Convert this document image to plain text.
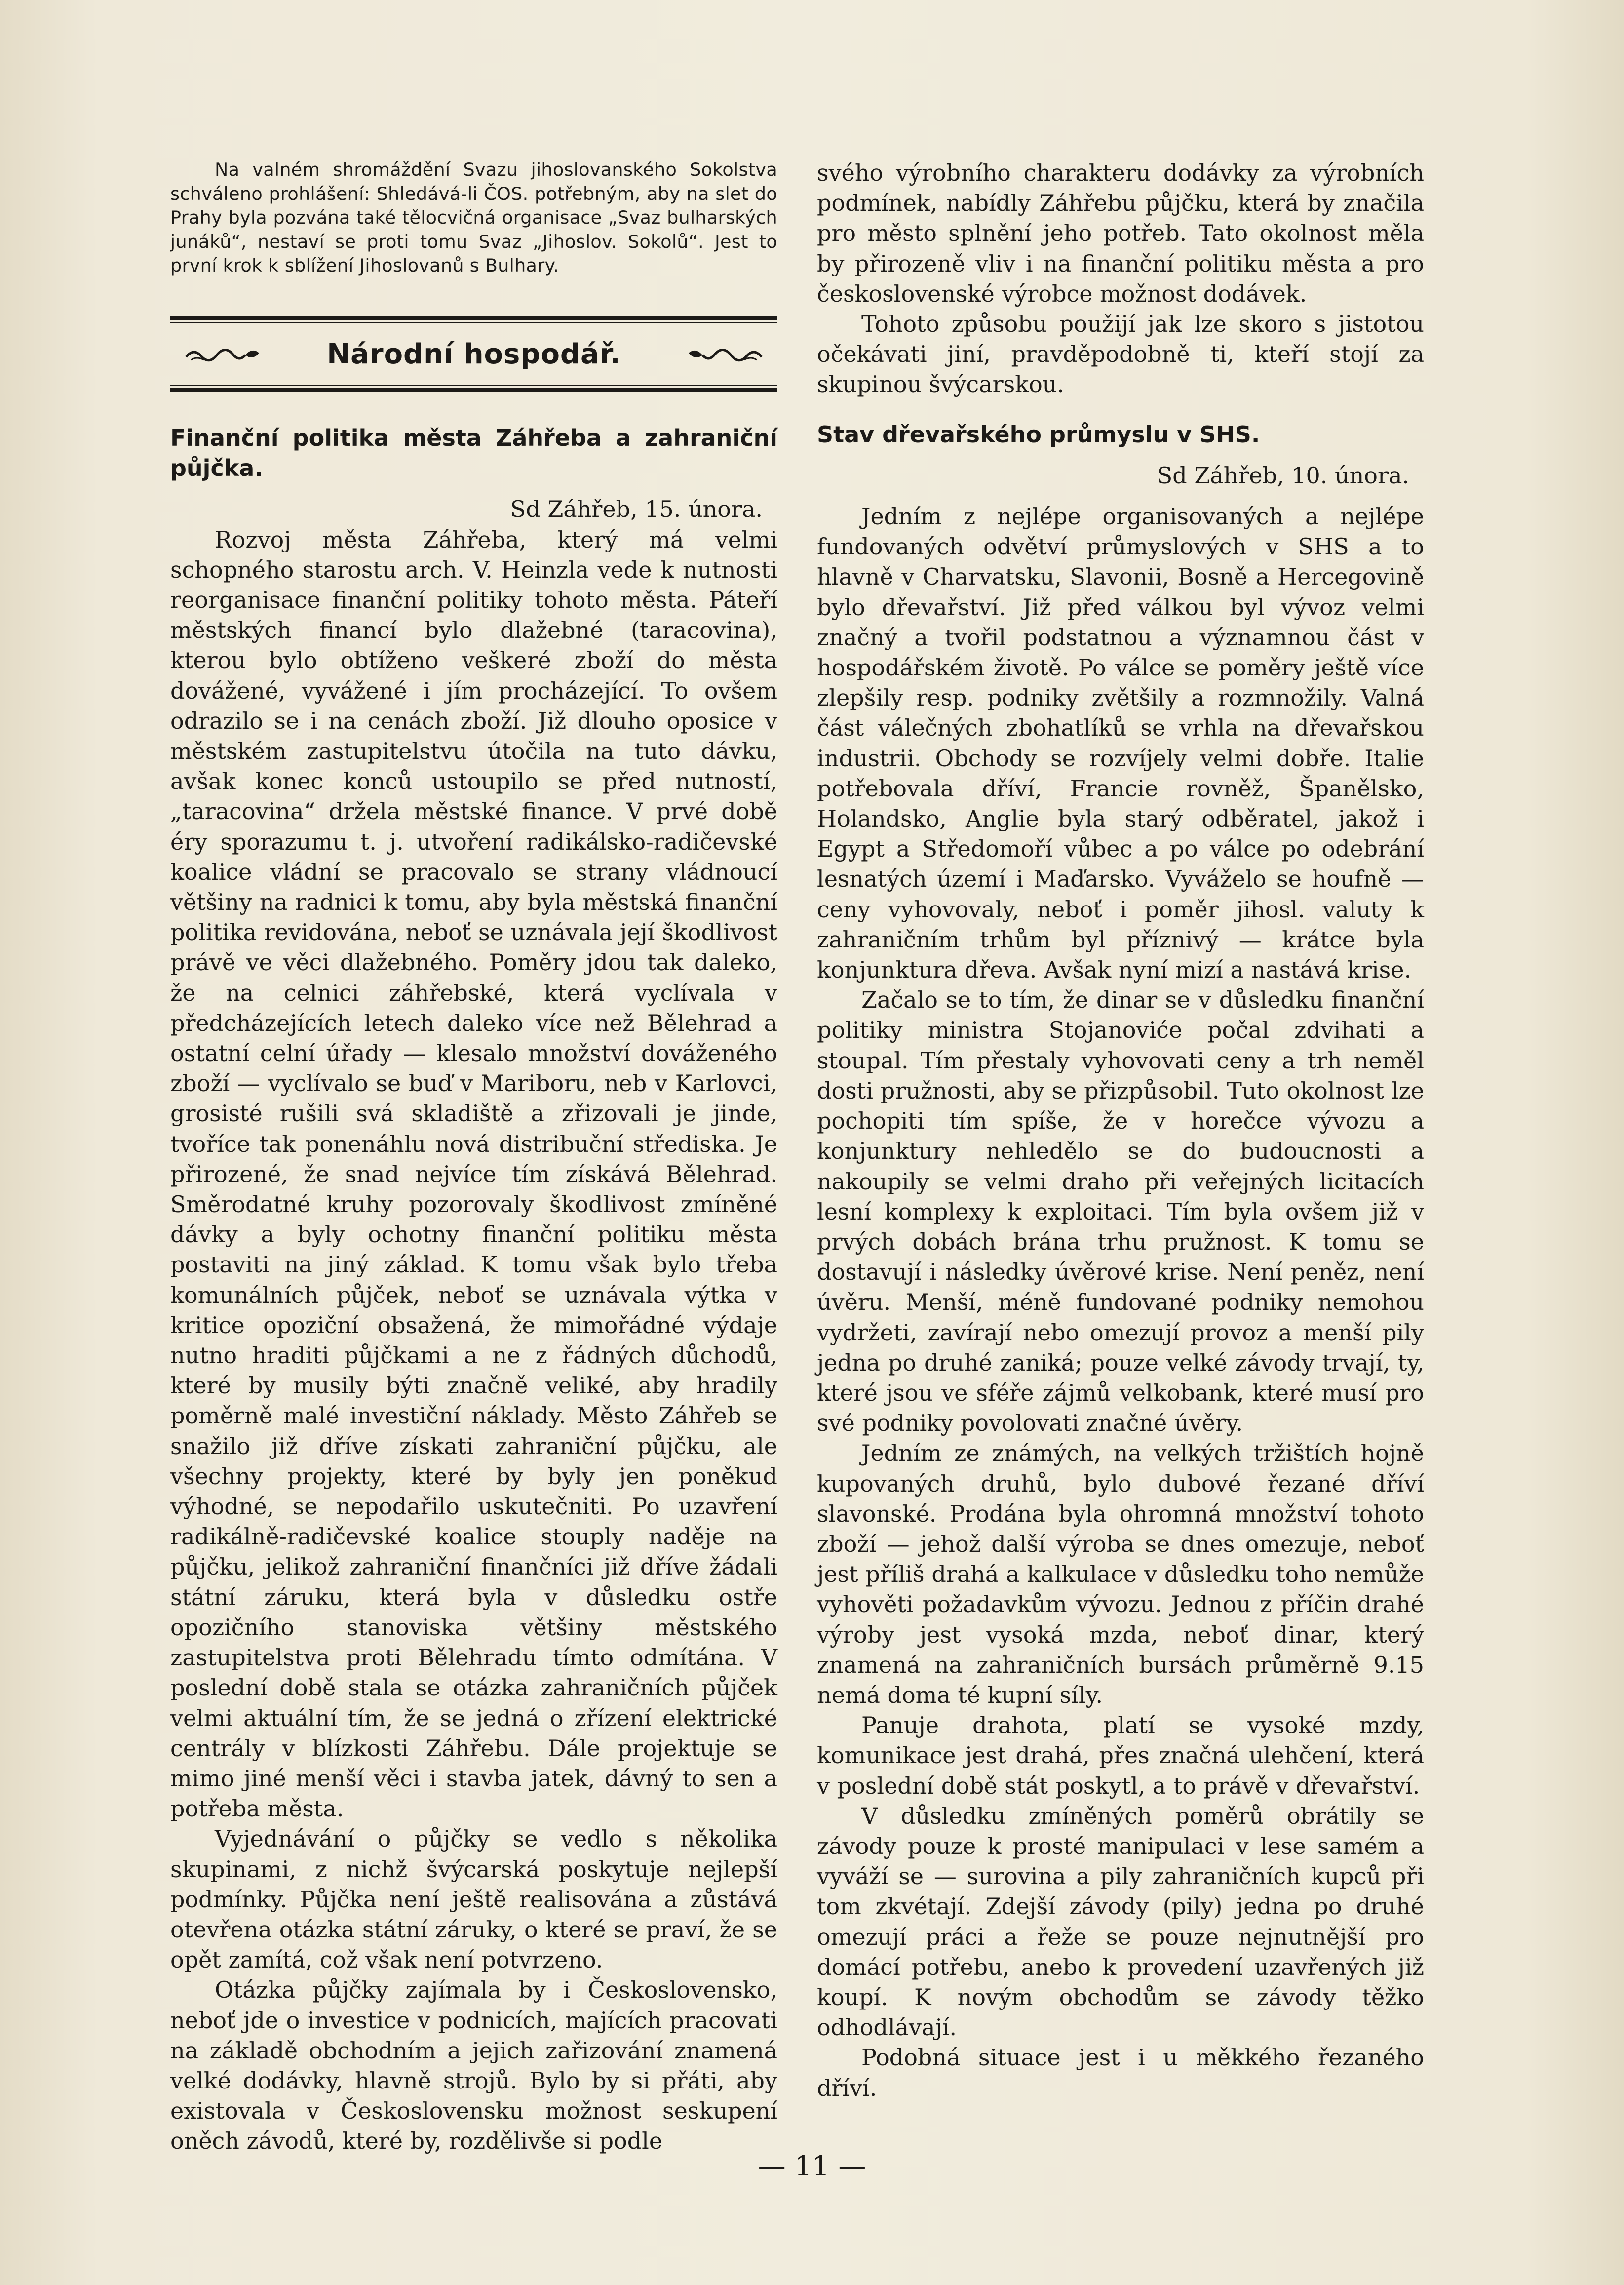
Na valném shromáždění Svazu jihoslovanského Sokolstva schváleno prohlášení: Shledává-li ČOS. potřebným, aby na slet do Prahy byla pozvána také tělocvičná organisace „Svaz bulharských junáků“, nestaví se proti tomu Svaz „Jihoslov. Sokolů“. Jest to první krok k sblížení Jihoslovanů s Bulhary.

Národní hospodář.

Finanční politika města Záhřeba a zahraniční půjčka.

Sd Záhřeb, 15. února.

Rozvoj města Záhřeba, který má velmi schopného starostu arch. V. Heinzla vede k nutnosti reorganisace finanční politiky tohoto města. Páteří městských financí bylo dlažebné (taracovina), kterou bylo obtíženo veškeré zboží do města dovážené, vyvážené i jím procházející. To ovšem odrazilo se i na cenách zboží. Již dlouho oposice v městském zastupitelstvu útočila na tuto dávku, avšak konec konců ustoupilo se před nutností, „taracovina“ držela městské finance. V prvé době éry sporazumu t. j. utvoření radikálsko-radičevské koalice vládní se pracovalo se strany vládnoucí většiny na radnici k tomu, aby byla městská finanční politika revidována, neboť se uznávala její škodlivost právě ve věci dlažebného. Poměry jdou tak daleko, že na celnici záhřebské, která vyclívala v předcházejících letech daleko více než Bělehrad a ostatní celní úřady — klesalo množství dováženého zboží — vyclívalo se buď v Mariboru, neb v Karlovci, grosisté rušili svá skladiště a zřizovali je jinde, tvoříce tak ponenáhlu nová distribuční střediska. Je přirozené, že snad nejvíce tím získává Bělehrad. Směrodatné kruhy pozorovaly škodlivost zmíněné dávky a byly ochotny finanční politiku města postaviti na jiný základ. K tomu však bylo třeba komunálních půjček, neboť se uznávala výtka v kritice opoziční obsažená, že mimořádné výdaje nutno hraditi půjčkami a ne z řádných důchodů, které by musily býti značně veliké, aby hradily poměrně malé investiční náklady. Město Záhřeb se snažilo již dříve získati zahraniční půjčku, ale všechny projekty, které by byly jen poněkud výhodné, se nepodařilo uskutečniti. Po uzavření radikálně-radičevské koalice stouply naděje na půjčku, jelikož zahraniční finančníci již dříve žádali státní záruku, která byla v důsledku ostře opozičního stanoviska většiny městského zastupitelstva proti Bělehradu tímto odmítána. V poslední době stala se otázka zahraničních půjček velmi aktuální tím, že se jedná o zřízení elektrické centrály v blízkosti Záhřebu. Dále projektuje se mimo jiné menší věci i stavba jatek, dávný to sen a potřeba města.

Vyjednávání o půjčky se vedlo s několika skupinami, z nichž švýcarská poskytuje nejlepší podmínky. Půjčka není ještě realisována a zůstává otevřena otázka státní záruky, o které se praví, že se opět zamítá, což však není potvrzeno.

Otázka půjčky zajímala by i Československo, neboť jde o investice v podnicích, majících pracovati na základě obchodním a jejich zařizování znamená velké dodávky, hlavně strojů. Bylo by si přáti, aby existovala v Československu možnost seskupení oněch závodů, které by, rozdělivše si podle

svého výrobního charakteru dodávky za výrobních podmínek, nabídly Záhřebu půjčku, která by značila pro město splnění jeho potřeb. Tato okolnost měla by přirozeně vliv i na finanční politiku města a pro československé výrobce možnost dodávek.

Tohoto způsobu použijí jak lze skoro s jistotou očekávati jiní, pravděpodobně ti, kteří stojí za skupinou švýcarskou.

Stav dřevařského průmyslu v SHS.

Sd Záhřeb, 10. února.

Jedním z nejlépe organisovaných a nejlépe fundovaných odvětví průmyslových v SHS a to hlavně v Charvatsku, Slavonii, Bosně a Hercegovině bylo dřevařství. Již před válkou byl vývoz velmi značný a tvořil podstatnou a významnou část v hospodářském životě. Po válce se poměry ještě více zlepšily resp. podniky zvětšily a rozmnožily. Valná část válečných zbohatlíků se vrhla na dřevařskou industrii. Obchody se rozvíjely velmi dobře. Italie potřebovala dříví, Francie rovněž, Španělsko, Holandsko, Anglie byla starý odběratel, jakož i Egypt a Středomoří vůbec a po válce po odebrání lesnatých území i Maďarsko. Vyváželo se houfně — ceny vyhovovaly, neboť i poměr jihosl. valuty k zahraničním trhům byl příznivý — krátce byla konjunktura dřeva. Avšak nyní mizí a nastává krise.

Začalo se to tím, že dinar se v důsledku finanční politiky ministra Stojanoviće počal zdvihati a stoupal. Tím přestaly vyhovovati ceny a trh neměl dosti pružnosti, aby se přizpůsobil. Tuto okolnost lze pochopiti tím spíše, že v horečce vývozu a konjunktury nehledělo se do budoucnosti a nakoupily se velmi draho při veřejných licitacích lesní komplexy k exploitaci. Tím byla ovšem již v prvých dobách brána trhu pružnost. K tomu se dostavují i následky úvěrové krise. Není peněz, není úvěru. Menší, méně fundované podniky nemohou vydržeti, zavírají nebo omezují provoz a menší pily jedna po druhé zaniká; pouze velké závody trvají, ty, které jsou ve sféře zájmů velkobank, které musí pro své podniky povolovati značné úvěry.

Jedním ze známých, na velkých tržištích hojně kupovaných druhů, bylo dubové řezané dříví slavonské. Prodána byla ohromná množství tohoto zboží — jehož další výroba se dnes omezuje, neboť jest příliš drahá a kalkulace v důsledku toho nemůže vyhověti požadavkům vývozu. Jednou z příčin drahé výroby jest vysoká mzda, neboť dinar, který znamená na zahraničních bursách průměrně 9.15 nemá doma té kupní síly.

Panuje drahota, platí se vysoké mzdy, komunikace jest drahá, přes značná ulehčení, která v poslední době stát poskytl, a to právě v dřevařství.

V důsledku zmíněných poměrů obrátily se závody pouze k prosté manipulaci v lese samém a vyváží se — surovina a pily zahraničních kupců při tom zkvétají. Zdejší závody (pily) jedna po druhé omezují práci a řeže se pouze nejnutnější pro domácí potřebu, anebo k provedení uzavřených již koupí. K novým obchodům se závody těžko odhodlávají.

Podobná situace jest i u měkkého řezaného dříví.

— 11 —
